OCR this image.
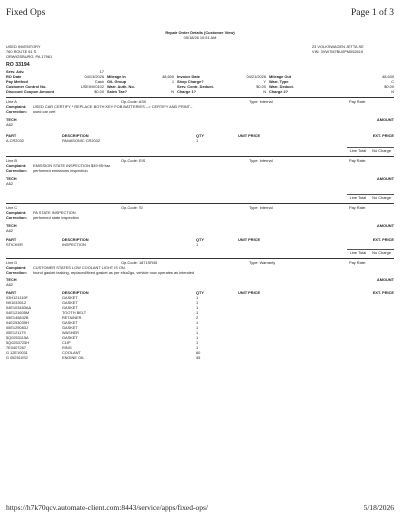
Fixed Ops	Page 1 of 3
Repair Order Details (Customer View)
05/18/26 10:51 AM
USED INVENTORY
760 ROUTE 61 S
ORWIGSBURG, PA 17961
23 VOLKSWAGEN JETTA SE
VIN: 3VW7M7BU0PM052619
RO 33194
Serv. Adv.	17
RO Date	04/13/2026 Mileage In	48,600 Invoice Date	04/21/2026 Mileage Out	48,630
Pay Method	Cash G/L Group	1 Shop Charge?	Y Warr. Type	C
Customer Control No.	USEINV0102 Warr. Auth. No.	Serv. Contr. Deduct.	$0.00 Warr. Deduct.	$0.00
Discount Coupon Amount	$0.00 Sales Tax?	N Charge 1?	N Charge 2?	N
Line A	Op-Code: AS0	Type: Internal	Pay Rate:
Complaint:	USED CAR CERTIFY * REPLACE BOTH KEY FOB BATTERIES --> CERTIFY AND PRINT--
Correction:	used car cert
TECH	AMOUNT
A62
PART	DESCRIPTION	QTY	UNIT PRICE	EXT. PRICE
A.CR2032	PANASONIC CR2032	1
Line Total	No Charge
Line B	Op-Code: EIS	Type: Internal	Pay Rate:
Complaint:	EMISSION STATE INSPECTION $39.95+tax
Correction:	performed emissions inspection
TECH	AMOUNT
A62
Line Total	No Charge
Line C	Op-Code: SI	Type: Internal	Pay Rate:
Complaint:	PA STATE INSPECTION
Correction:	performed state inspection
TECH	AMOUNT
A62
PART	DESCRIPTION	QTY	UNIT PRICE	EXT. PRICE
STICKER	INSPECTION	1
Line Total	No Charge
Line D	Op-Code: 1871SR45	Type: Warranty	Pay Rate:
Complaint:	CUSTOMER STATES LOW COOLANT LIGHT IS ON.
Correction:	found gasket leaking, replaced/fixed gasket as per elsa2go, vehicle now operates as intended
TECH	AMOUNT
A62
PART	DESCRIPTION	QTY	UNIT PRICE	EXT. PRICE
03H121119F	GASKET	1
N91033012	GASKET	1
04E103483AA	GASKET	1
04E121605M	TOOTH BELT	1
05E145832B	RETAINER	2
04E253039H	GASKET	1
05E129083J	GASKET	1
05E121179	WASHER	1
5Q0253115A	GASKET	1
5Q0253725H	CLIP	1
7E0407267	RING	1
G 12E10031	COOLANT	60
G 052510S2	ENGINE OIL	45
https://h7k70qcv.automate-client.com:8443/service/apps/fixed-ops/	5/18/2026
